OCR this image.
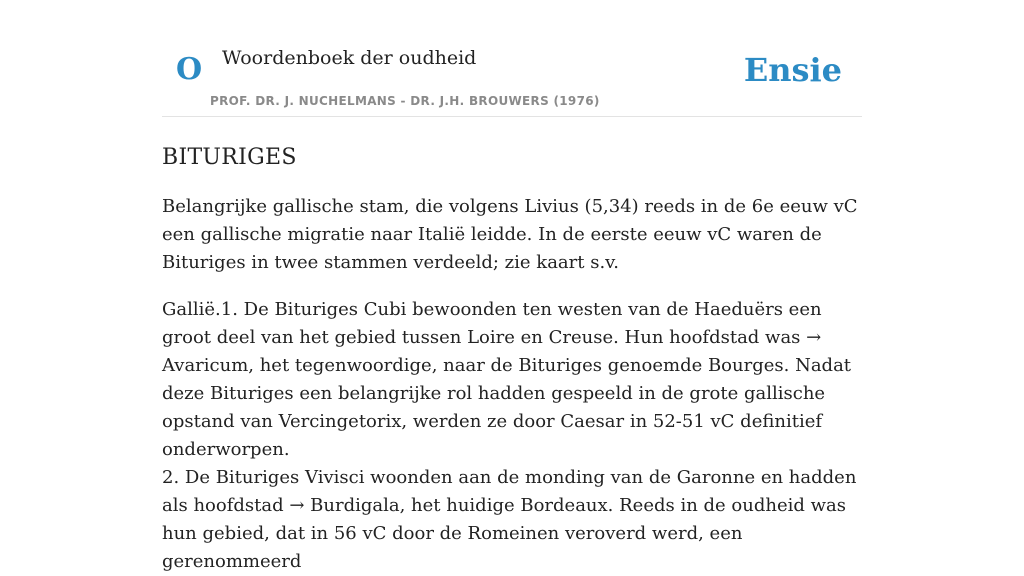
O Woordenboek der oudheid
PROF. DR. J. NUCHELMANS - DR. J.H. BROUWERS (1976)
Ensie
BITURIGES

Belangrijke gallische stam, die volgens Livius (5,34) reeds in de 6e eeuw vC een gallische migratie naar Italië leidde. In de eerste eeuw vC waren de Bituriges in twee stammen verdeeld; zie kaart s.v.

Gallië.1. De Bituriges Cubi bewoonden ten westen van de Haeduërs een groot deel van het gebied tussen Loire en Creuse. Hun hoofdstad was → Avaricum, het tegenwoordige, naar de Bituriges genoemde Bourges. Nadat deze Bituriges een belangrijke rol hadden gespeeld in de grote gallische opstand van Vercingetorix, werden ze door Caesar in 52-51 vC definitief onderworpen.

2. De Bituriges Vivisci woonden aan de monding van de Garonne en hadden als hoofdstad → Burdigala, het huidige Bordeaux. Reeds in de oudheid was hun gebied, dat in 56 vC door de Romeinen veroverd werd, een gerenommeerd
